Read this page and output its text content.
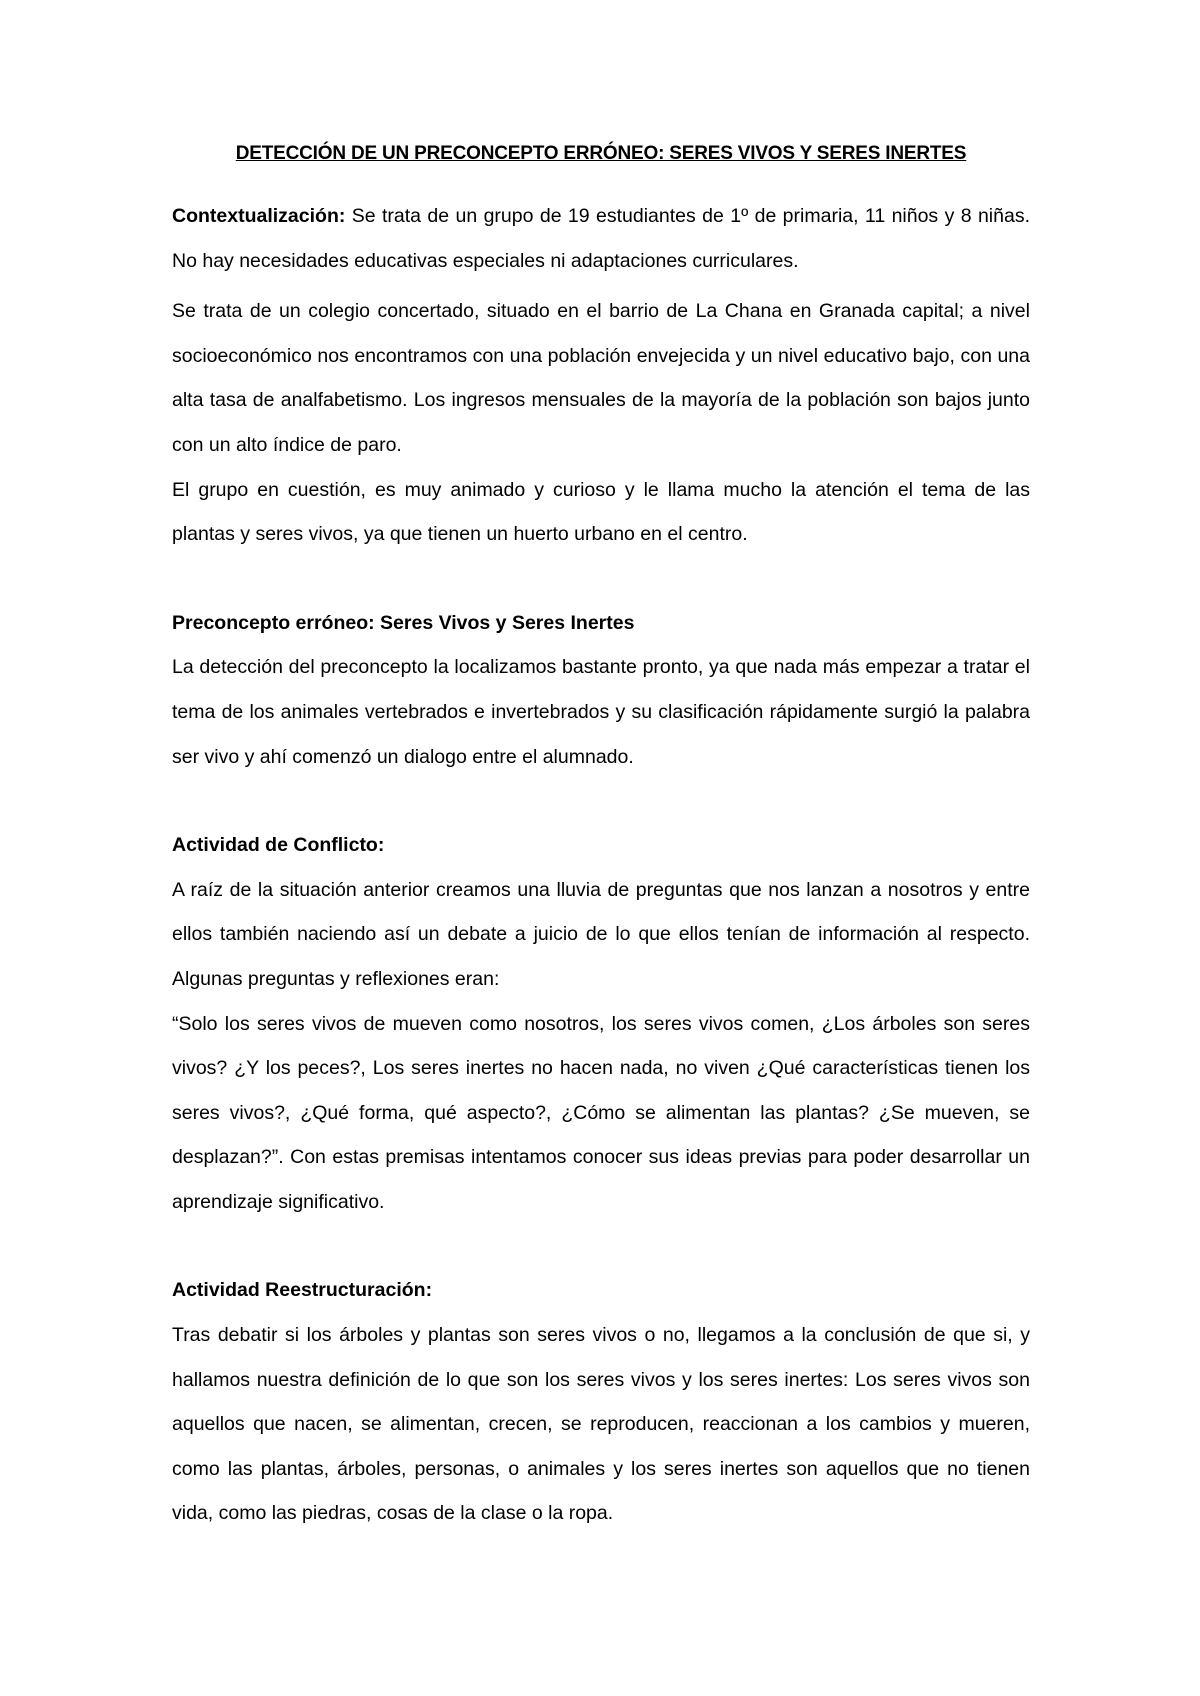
DETECCIÓN DE UN PRECONCEPTO ERRÓNEO: SERES VIVOS Y SERES INERTES

Contextualización: Se trata de un grupo de 19 estudiantes de 1º de primaria, 11 niños y 8 niñas. No hay necesidades educativas especiales ni adaptaciones curriculares.

Se trata de un colegio concertado, situado en el barrio de La Chana en Granada capital; a nivel socioeconómico nos encontramos con una población envejecida y un nivel educativo bajo, con una alta tasa de analfabetismo. Los ingresos mensuales de la mayoría de la población son bajos junto con un alto índice de paro.

El grupo en cuestión, es muy animado y curioso y le llama mucho la atención el tema de las plantas y seres vivos, ya que tienen un huerto urbano en el centro.

Preconcepto erróneo: Seres Vivos y Seres Inertes

La detección del preconcepto la localizamos bastante pronto, ya que nada más empezar a tratar el tema de los animales vertebrados e invertebrados y su clasificación rápidamente surgió la palabra ser vivo y ahí comenzó un dialogo entre el alumnado.

Actividad de Conflicto:

A raíz de la situación anterior creamos una lluvia de preguntas que nos lanzan a nosotros y entre ellos también naciendo así un debate a juicio de lo que ellos tenían de información al respecto. Algunas preguntas y reflexiones eran:

“Solo los seres vivos de mueven como nosotros, los seres vivos comen, ¿Los árboles son seres vivos? ¿Y los peces?, Los seres inertes no hacen nada, no viven ¿Qué características tienen los seres vivos?, ¿Qué forma, qué aspecto?, ¿Cómo se alimentan las plantas? ¿Se mueven, se desplazan?”. Con estas premisas intentamos conocer sus ideas previas para poder desarrollar un aprendizaje significativo.

Actividad Reestructuración:

Tras debatir si los árboles y plantas son seres vivos o no, llegamos a la conclusión de que si, y hallamos nuestra definición de lo que son los seres vivos y los seres inertes: Los seres vivos son aquellos que nacen, se alimentan, crecen, se reproducen, reaccionan a los cambios y mueren, como las plantas, árboles, personas, o animales y los seres inertes son aquellos que no tienen vida, como las piedras, cosas de la clase o la ropa.
